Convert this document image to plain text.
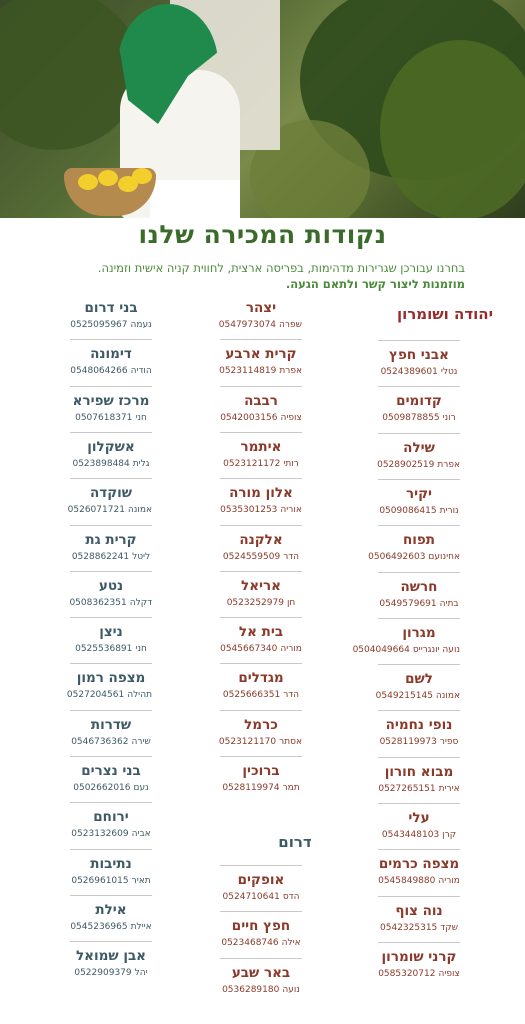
נקודות המכירה שלנו
בחרנו עבורכן שגרירות מדהימות, בפריסה ארצית, לחווית קניה אישית וזמינה.
מוזמנות ליצור קשר ולתאם הגעה.
יהודה ושומרון
אבני חפץ
נטלי0524389601
קדומים
רוני0509878855
שילה
אפרת0528902519
יקיר
נורית0509086415
תפוח
אחינועם0506492603
חרשה
בתיה0549579691
מגרון
נועה יונגרייס0504049664
לשם
אמונה0549215145
נופי נחמיה
ספיר0528119973
מבוא חורון
אירית0527265151
עלי
קרן0543448103
מצפה כרמים
מוריה0545849880
נוה צוף
שקד0542325315
קרני שומרון
צופיה0585320712
יצהר
שפרה0547973074
קרית ארבע
אפרת0523114819
רבבה
צופיה0542003156
איתמר
רותי0523121172
אלון מורה
אוריה0535301253
אלקנה
הדר0524559509
אריאל
חן0523252979
בית אל
מוריה0545667340
מגדלים
הדר0525666351
כרמל
אסתר0523121170
ברוכין
תמר0528119974
דרום
אופקים
הדס0524710641
חפץ חיים
אילה0523468746
באר שבע
נועה0536289180
בני דרום
נעמה0525095967
דימונה
הודיה0548064266
מרכז שפירא
חני0507618371
אשקלון
גלית0523898484
שוקדה
אמונה0526071721
קרית גת
ליטל0528862241
נטע
דקלה0508362351
ניצן
חני0525536891
מצפה רמון
תהילה0527204561
שדרות
שירה0546736362
בני נצרים
נעם0502662016
ירוחם
אביה0523132609
נתיבות
תאיר0526961015
אילת
איילת0545236965
אבן שמואל
יהל0522909379
